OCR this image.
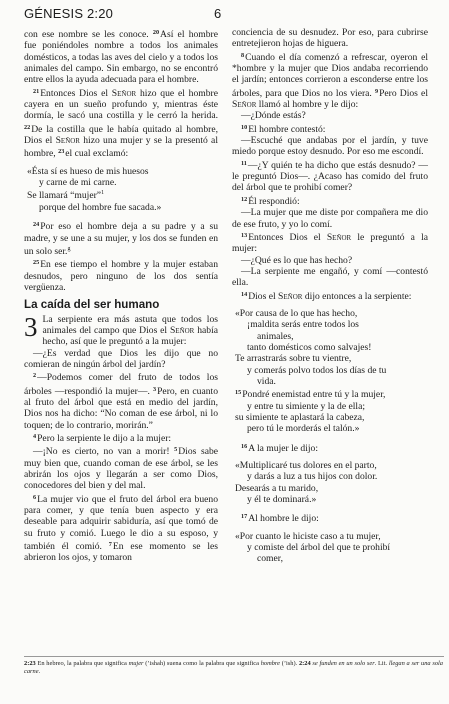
GÉNESIS 2:20	6

con ese nombre se les conoce. $^{20}$Así el hombre fue poniéndoles nombre a todos los animales domésticos, a todas las aves del cielo y a todos los animales del campo. Sin embargo, no se encontró entre ellos la ayuda adecuada para el hombre.

$^{21}$Entonces Dios el Señor hizo que el hombre cayera en un sueño profundo y, mientras éste dormía, le sacó una costilla y le cerró la herida. $^{22}$De la costilla que le había quitado al hombre, Dios el Señor hizo una mujer y se la presentó al hombre, $^{23}$el cual exclamó:

«Ésta sí es hueso de mis huesos
y carne de mi carne.
Se llamará “mujer”$^1$
porque del hombre fue sacada.»

$^{24}$Por eso el hombre deja a su padre y a su madre, y se une a su mujer, y los dos se funden en un solo ser.$^g$

$^{25}$En ese tiempo el hombre y la mujer estaban desnudos, pero ninguno de los dos sentía vergüenza.

La caída del ser humano

3 La serpiente era más astuta que todos los animales del campo que Dios el Señor había hecho, así que le preguntó a la mujer:

—¿Es verdad que Dios les dijo que no comieran de ningún árbol del jardín?

$^2$—Podemos comer del fruto de todos los árboles —respondió la mujer—. $^3$Pero, en cuanto al fruto del árbol que está en medio del jardín, Dios nos ha dicho: “No coman de ese árbol, ni lo toquen; de lo contrario, morirán.”

$^4$Pero la serpiente le dijo a la mujer:

—¡No es cierto, no van a morir! $^5$Dios sabe muy bien que, cuando coman de ese árbol, se les abrirán los ojos y llegarán a ser como Dios, conocedores del bien y del mal.

$^6$La mujer vio que el fruto del árbol era bueno para comer, y que tenía buen aspecto y era deseable para adquirir sabiduría, así que tomó de su fruto y comió. Luego le dio a su esposo, y también él comió. $^7$En ese momento se les abrieron los ojos, y tomaron

conciencia de su desnudez. Por eso, para cubrirse entretejieron hojas de higuera.

$^8$Cuando el día comenzó a refrescar, oyeron el *hombre y la mujer que Dios andaba recorriendo el jardín; entonces corrieron a esconderse entre los árboles, para que Dios no los viera. $^9$Pero Dios el Señor llamó al hombre y le dijo:

—¿Dónde estás?

$^{10}$El hombre contestó:

—Escuché que andabas por el jardín, y tuve miedo porque estoy desnudo. Por eso me escondí.

$^{11}$—¿Y quién te ha dicho que estás desnudo? —le preguntó Dios—. ¿Acaso has comido del fruto del árbol que te prohibí comer?

$^{12}$Él respondió:

—La mujer que me diste por compañera me dio de ese fruto, y yo lo comí.

$^{13}$Entonces Dios el Señor le preguntó a la mujer:

—¿Qué es lo que has hecho?

—La serpiente me engañó, y comí —contestó ella.

$^{14}$Dios el Señor dijo entonces a la serpiente:

«Por causa de lo que has hecho,
¡maldita serás entre todos los
animales,
tanto domésticos como salvajes!
Te arrastrarás sobre tu vientre,
y comerás polvo todos los días de tu
vida.
$^{15}$Pondré enemistad entre tú y la mujer,
y entre tu simiente y la de ella;
su simiente te aplastará la cabeza,
pero tú le morderás el talón.»

$^{16}$A la mujer le dijo:

«Multiplicaré tus dolores en el parto,
y darás a luz a tus hijos con dolor.
Desearás a tu marido,
y él te dominará.»

$^{17}$Al hombre le dijo:

«Por cuanto le hiciste caso a tu mujer,
y comiste del árbol del que te prohibí
comer,
2:23 En hebreo, la palabra que significa mujer (’ishah) suena como la palabra que significa hombre (’ish). 2:24 se funden en un solo ser. Lit. llegan a ser una sola carne.
